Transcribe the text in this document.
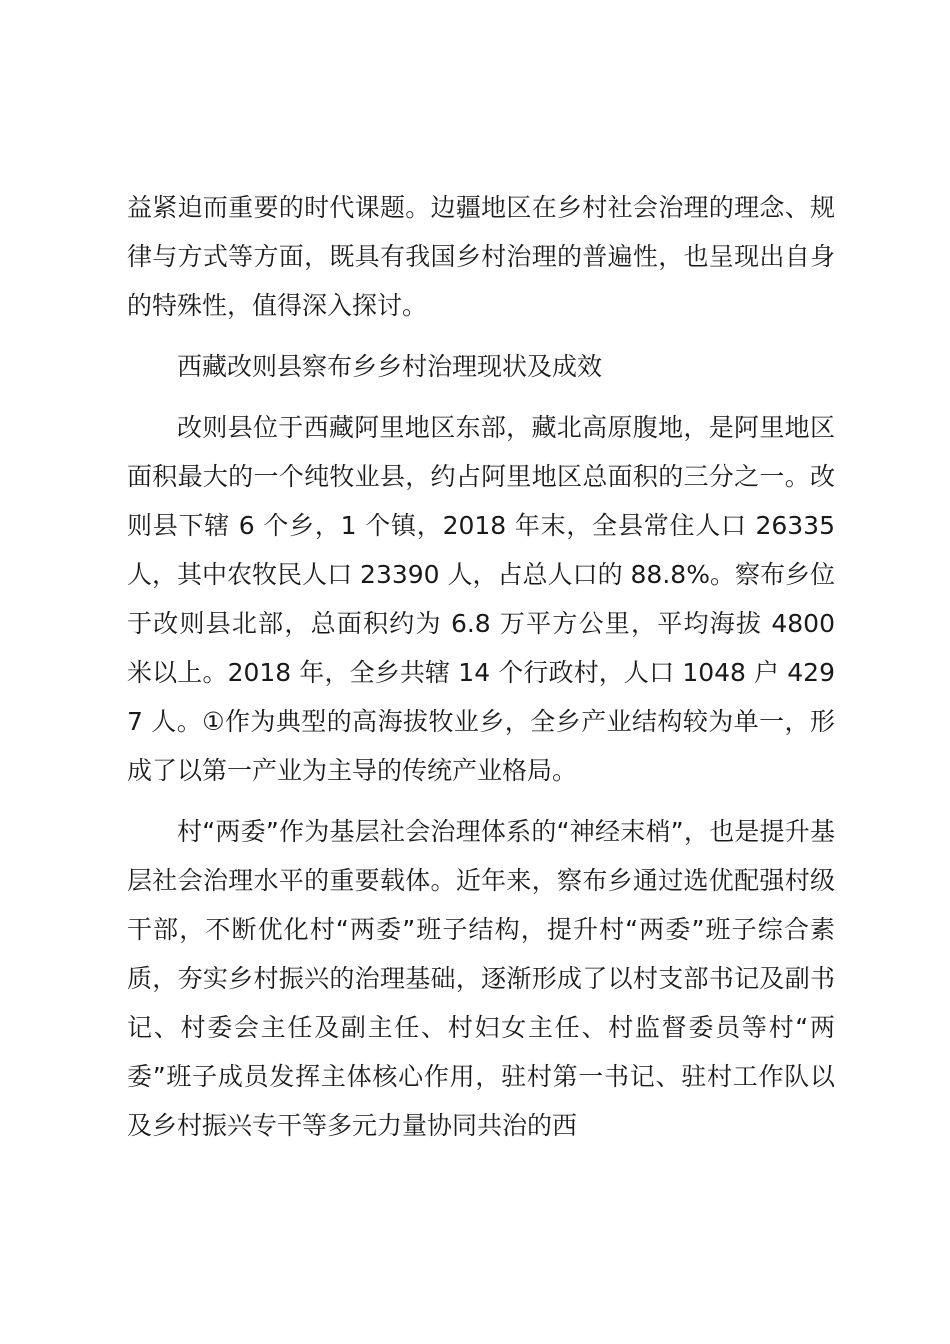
益紧迫而重要的时代课题。边疆地区在乡村社会治理的理念、规律与方式等方面，既具有我国乡村治理的普遍性，也呈现出自身的特殊性，值得深入探讨。

西藏改则县察布乡乡村治理现状及成效

改则县位于西藏阿里地区东部，藏北高原腹地，是阿里地区面积最大的一个纯牧业县，约占阿里地区总面积的三分之一。改则县下辖 6 个乡，1 个镇，2018 年末，全县常住人口 26335 人，其中农牧民人口 23390 人，占总人口的 88.8%。察布乡位于改则县北部，总面积约为 6.8 万平方公里，平均海拔 4800 米以上。2018 年，全乡共辖 14 个行政村，人口 1048 户 4297 人。①作为典型的高海拔牧业乡，全乡产业结构较为单一，形成了以第一产业为主导的传统产业格局。

村“两委”作为基层社会治理体系的“神经末梢”，也是提升基层社会治理水平的重要载体。近年来，察布乡通过选优配强村级干部，不断优化村“两委”班子结构，提升村“两委”班子综合素质，夯实乡村振兴的治理基础，逐渐形成了以村支部书记及副书记、村委会主任及副主任、村妇女主任、村监督委员等村“两委”班子成员发挥主体核心作用，驻村第一书记、驻村工作队以及乡村振兴专干等多元力量协同共治的西
